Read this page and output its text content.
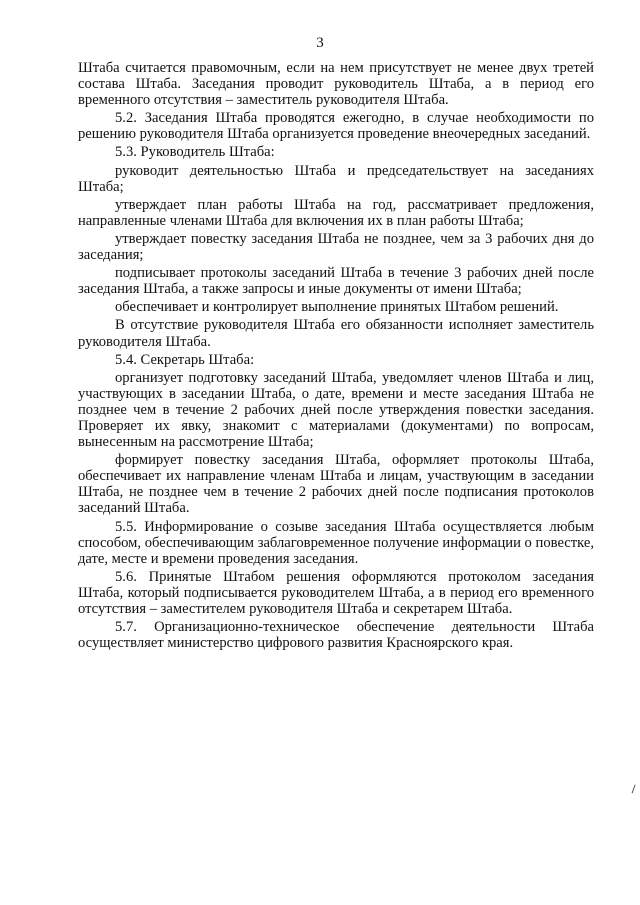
3

Штаба считается правомочным, если на нем присутствует не менее двух третей состава Штаба. Заседания проводит руководитель Штаба, а в период его временного отсутствия – заместитель руководителя Штаба.

5.2. Заседания Штаба проводятся ежегодно, в случае необходимости по решению руководителя Штаба организуется проведение внеочередных заседаний.

5.3. Руководитель Штаба:

руководит деятельностью Штаба и председательствует на заседаниях Штаба;

утверждает план работы Штаба на год, рассматривает предложения, направленные членами Штаба для включения их в план работы Штаба;

утверждает повестку заседания Штаба не позднее, чем за 3 рабочих дня до заседания;

подписывает протоколы заседаний Штаба в течение 3 рабочих дней после заседания Штаба, а также запросы и иные документы от имени Штаба;

обеспечивает и контролирует выполнение принятых Штабом решений.

В отсутствие руководителя Штаба его обязанности исполняет заместитель руководителя Штаба.

5.4. Секретарь Штаба:

организует подготовку заседаний Штаба, уведомляет членов Штаба и лиц, участвующих в заседании Штаба, о дате, времени и месте заседания Штаба не позднее чем в течение 2 рабочих дней после утверждения повестки заседания. Проверяет их явку, знакомит с материалами (документами) по вопросам, вынесенным на рассмотрение Штаба;

формирует повестку заседания Штаба, оформляет протоколы Штаба, обеспечивает их направление членам Штаба и лицам, участвующим в заседании Штаба, не позднее чем в течение 2 рабочих дней после подписания протоколов заседаний Штаба.

5.5. Информирование о созыве заседания Штаба осуществляется любым способом, обеспечивающим заблаговременное получение информации о повестке, дате, месте и времени проведения заседания.

5.6. Принятые Штабом решения оформляются протоколом заседания Штаба, который подписывается руководителем Штаба, а в период его временного отсутствия – заместителем руководителя Штаба и секретарем Штаба.

5.7. Организационно-техническое обеспечение деятельности Штаба осуществляет министерство цифрового развития Красноярского края.
